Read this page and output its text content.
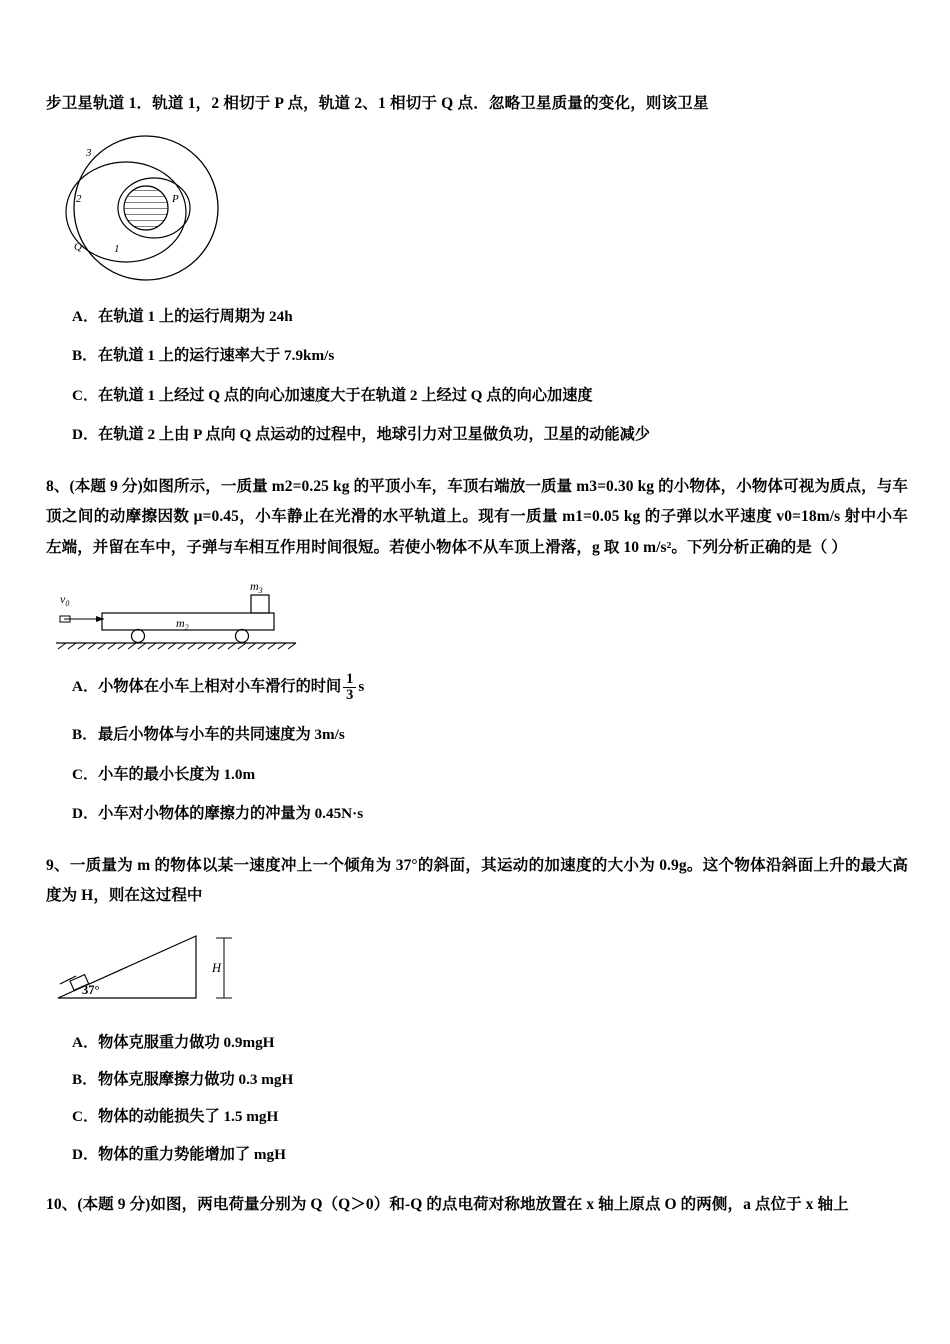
步卫星轨道 1．轨道 1，2 相切于 P 点，轨道 2、1 相切于 Q 点．忽略卫星质量的变化，则该卫星

3
2
Q	1
P

A．在轨道 1 上的运行周期为 24h

B．在轨道 1 上的运行速率大于 7.9km/s

C．在轨道 1 上经过 Q 点的向心加速度大于在轨道 2 上经过 Q 点的向心加速度

D．在轨道 2 上由 P 点向 Q 点运动的过程中，地球引力对卫星做负功，卫星的动能减少

8、(本题 9 分)如图所示，一质量 m2=0.25 kg 的平顶小车，车顶右端放一质量 m3=0.30 kg 的小物体，小物体可视为质点，与车顶之间的动摩擦因数 μ=0.45，小车静止在光滑的水平轨道上。现有一质量 m1=0.05 kg 的子弹以水平速度 v0=18m/s 射中小车左端，并留在车中，子弹与车相互作用时间很短。若使小物体不从车顶上滑落，g 取 10 m/s²。下列分析正确的是（ ）

$v_0$
$m_2$
$m_3$

A．小物体在小车上相对小车滑行的时间 $\frac{1}{3}$ s

B．最后小物体与小车的共同速度为 3m/s

C．小车的最小长度为 1.0m

D．小车对小物体的摩擦力的冲量为 0.45N·s

9、一质量为 m 的物体以某一速度冲上一个倾角为 37°的斜面，其运动的加速度的大小为 0.9g。这个物体沿斜面上升的最大高度为 H，则在这过程中

37°
H

A．物体克服重力做功 0.9mgH

B．物体克服摩擦力做功 0.3 mgH

C．物体的动能损失了 1.5 mgH

D．物体的重力势能增加了 mgH

10、(本题 9 分)如图，两电荷量分别为 Q（Q＞0）和-Q 的点电荷对称地放置在 x 轴上原点 O 的两侧，a 点位于 x 轴上
